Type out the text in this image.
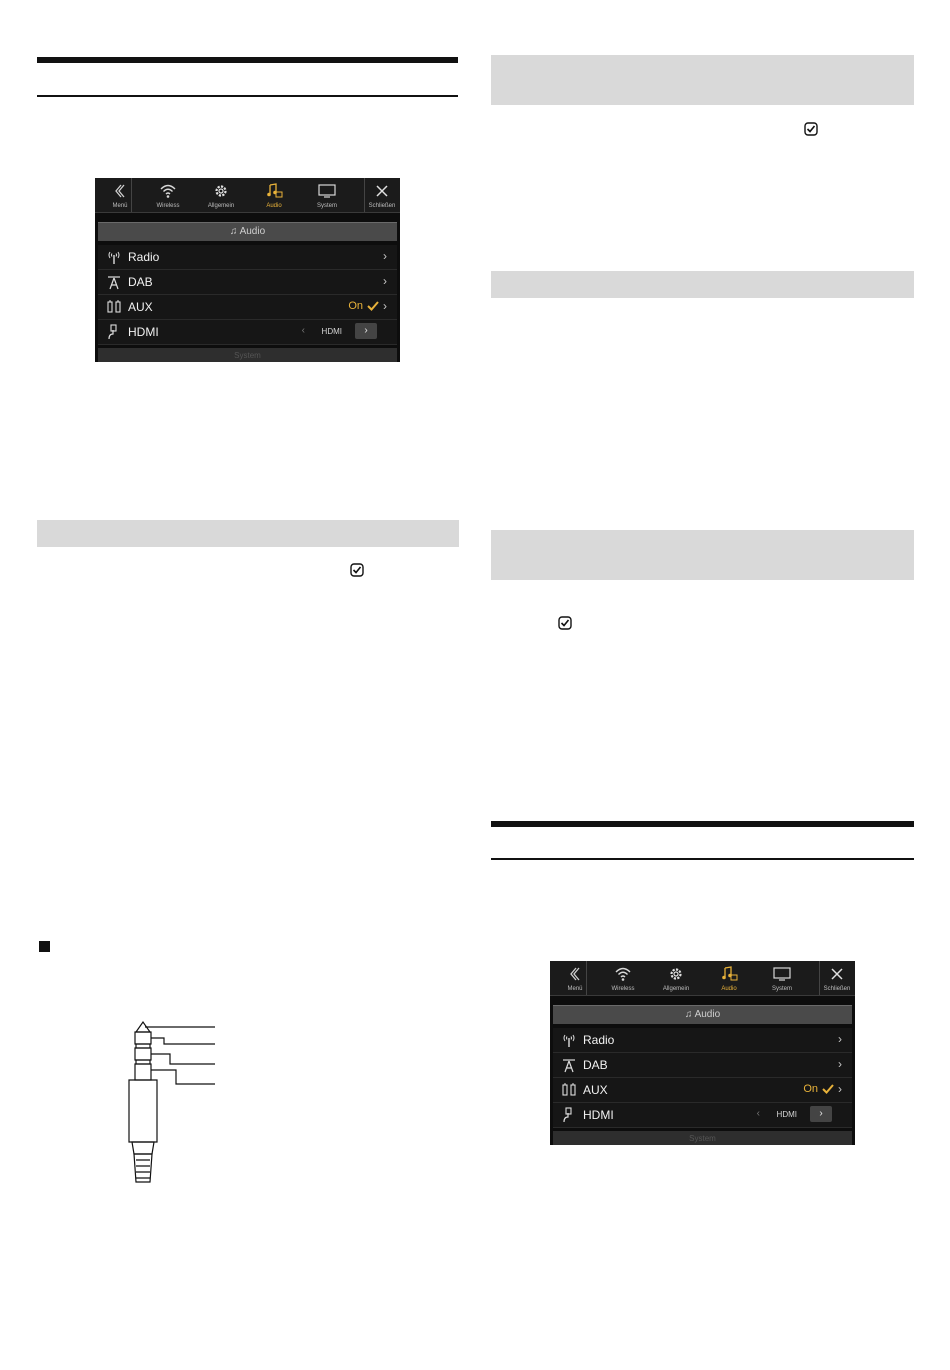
Menü	Wireless	Allgemein	Audio	System	Schließen
♫ Audio
Radio	›
DAB	›
AUX	On ›
HDMI	‹ HDMI	›
System
Menü	Wireless	Allgemein	Audio	System	Schließen
♫ Audio
Radio	›
DAB	›
AUX	On ›
HDMI	‹ HDMI	›
System
